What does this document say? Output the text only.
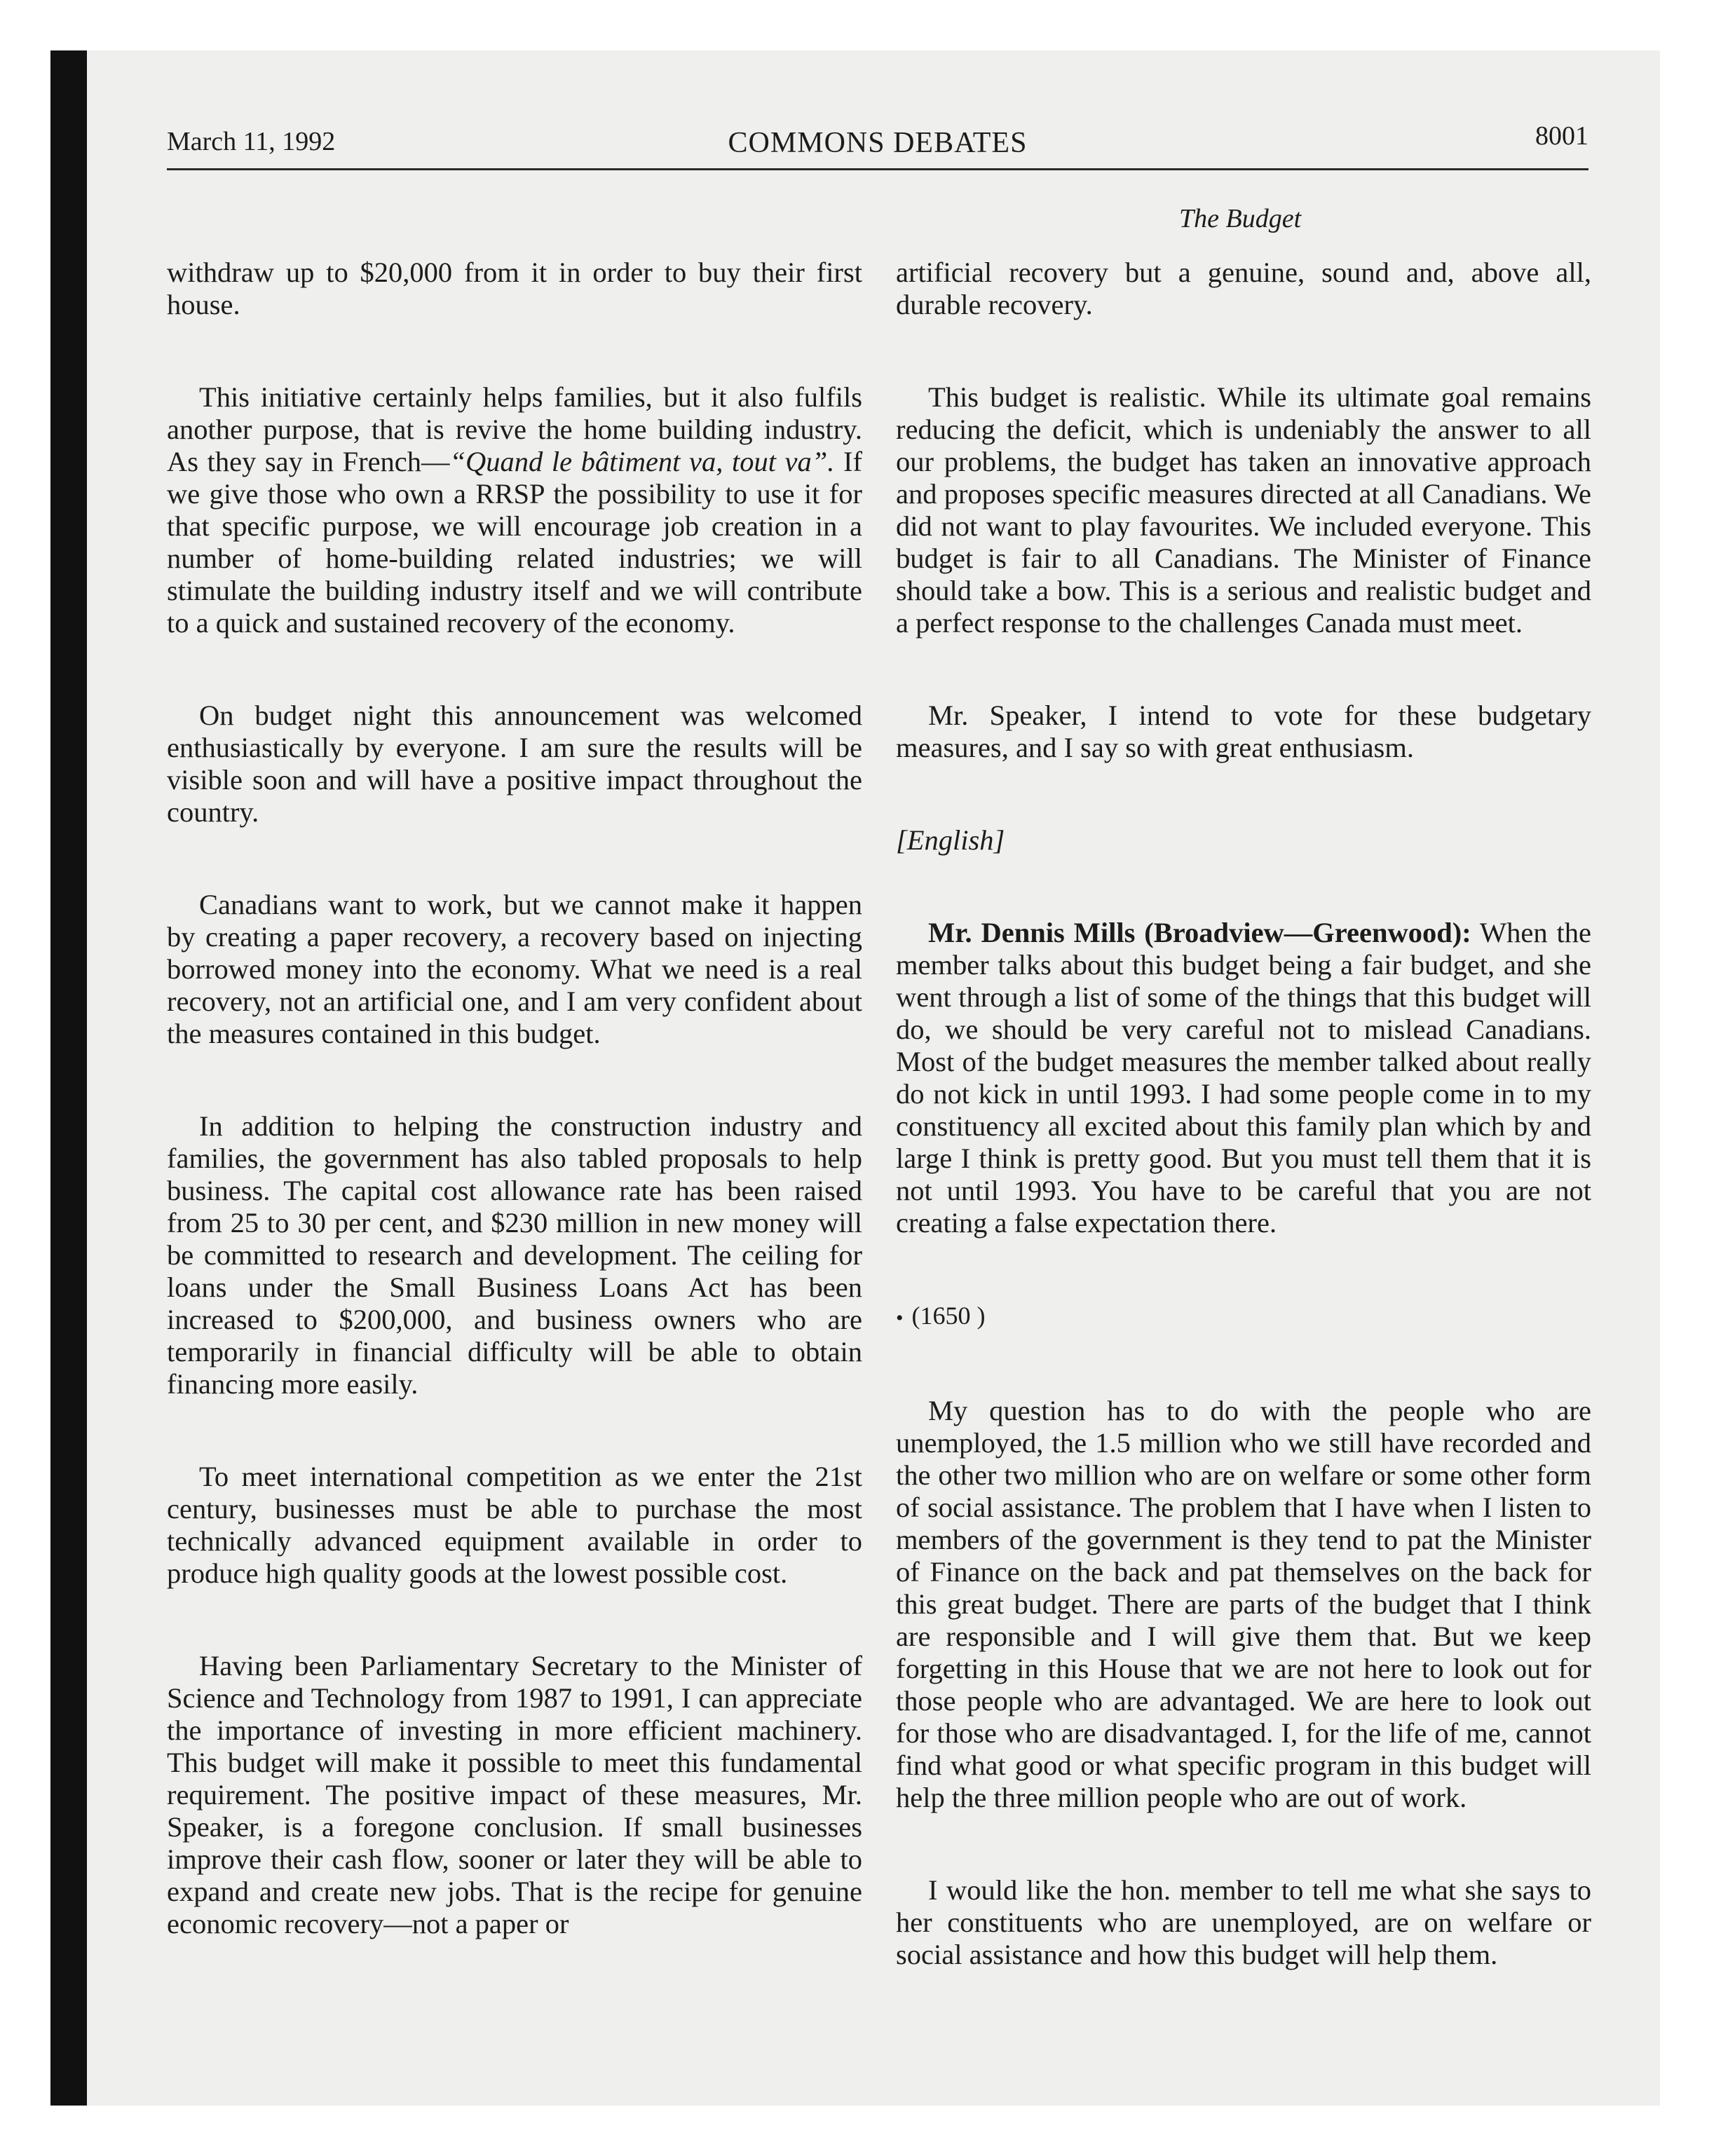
March 11, 1992	COMMONS DEBATES	8001
The Budget

withdraw up to $20,000 from it in order to buy their first house.

This initiative certainly helps families, but it also fulfils another purpose, that is revive the home building industry. As they say in French—“Quand le bâtiment va, tout va”. If we give those who own a RRSP the possibility to use it for that specific purpose, we will encourage job creation in a number of home-building related industries; we will stimulate the building industry itself and we will contribute to a quick and sustained recovery of the economy.

On budget night this announcement was welcomed enthusiastically by everyone. I am sure the results will be visible soon and will have a positive impact throughout the country.

Canadians want to work, but we cannot make it happen by creating a paper recovery, a recovery based on injecting borrowed money into the economy. What we need is a real recovery, not an artificial one, and I am very confident about the measures contained in this budget.

In addition to helping the construction industry and families, the government has also tabled proposals to help business. The capital cost allowance rate has been raised from 25 to 30 per cent, and $230 million in new money will be committed to research and development. The ceiling for loans under the Small Business Loans Act has been increased to $200,000, and business owners who are temporarily in financial difficulty will be able to obtain financing more easily.

To meet international competition as we enter the 21st century, businesses must be able to purchase the most technically advanced equipment available in order to produce high quality goods at the lowest possible cost.

Having been Parliamentary Secretary to the Minister of Science and Technology from 1987 to 1991, I can appreciate the importance of investing in more efficient machinery. This budget will make it possible to meet this fundamental requirement. The positive impact of these measures, Mr. Speaker, is a foregone conclusion. If small businesses improve their cash flow, sooner or later they will be able to expand and create new jobs. That is the recipe for genuine economic recovery—not a paper or

artificial recovery but a genuine, sound and, above all, durable recovery.

This budget is realistic. While its ultimate goal remains reducing the deficit, which is undeniably the answer to all our problems, the budget has taken an innovative approach and proposes specific measures directed at all Canadians. We did not want to play favourites. We included everyone. This budget is fair to all Canadians. The Minister of Finance should take a bow. This is a serious and realistic budget and a perfect response to the challenges Canada must meet.

Mr. Speaker, I intend to vote for these budgetary measures, and I say so with great enthusiasm.

[English]

Mr. Dennis Mills (Broadview—Greenwood): When the member talks about this budget being a fair budget, and she went through a list of some of the things that this budget will do, we should be very careful not to mislead Canadians. Most of the budget measures the member talked about really do not kick in until 1993. I had some people come in to my constituency all excited about this family plan which by and large I think is pretty good. But you must tell them that it is not until 1993. You have to be careful that you are not creating a false expectation there.

• (1650 )

My question has to do with the people who are unemployed, the 1.5 million who we still have recorded and the other two million who are on welfare or some other form of social assistance. The problem that I have when I listen to members of the government is they tend to pat the Minister of Finance on the back and pat themselves on the back for this great budget. There are parts of the budget that I think are responsible and I will give them that. But we keep forgetting in this House that we are not here to look out for those people who are advantaged. We are here to look out for those who are disadvantaged. I, for the life of me, cannot find what good or what specific program in this budget will help the three million people who are out of work.

I would like the hon. member to tell me what she says to her constituents who are unemployed, are on welfare or social assistance and how this budget will help them.
